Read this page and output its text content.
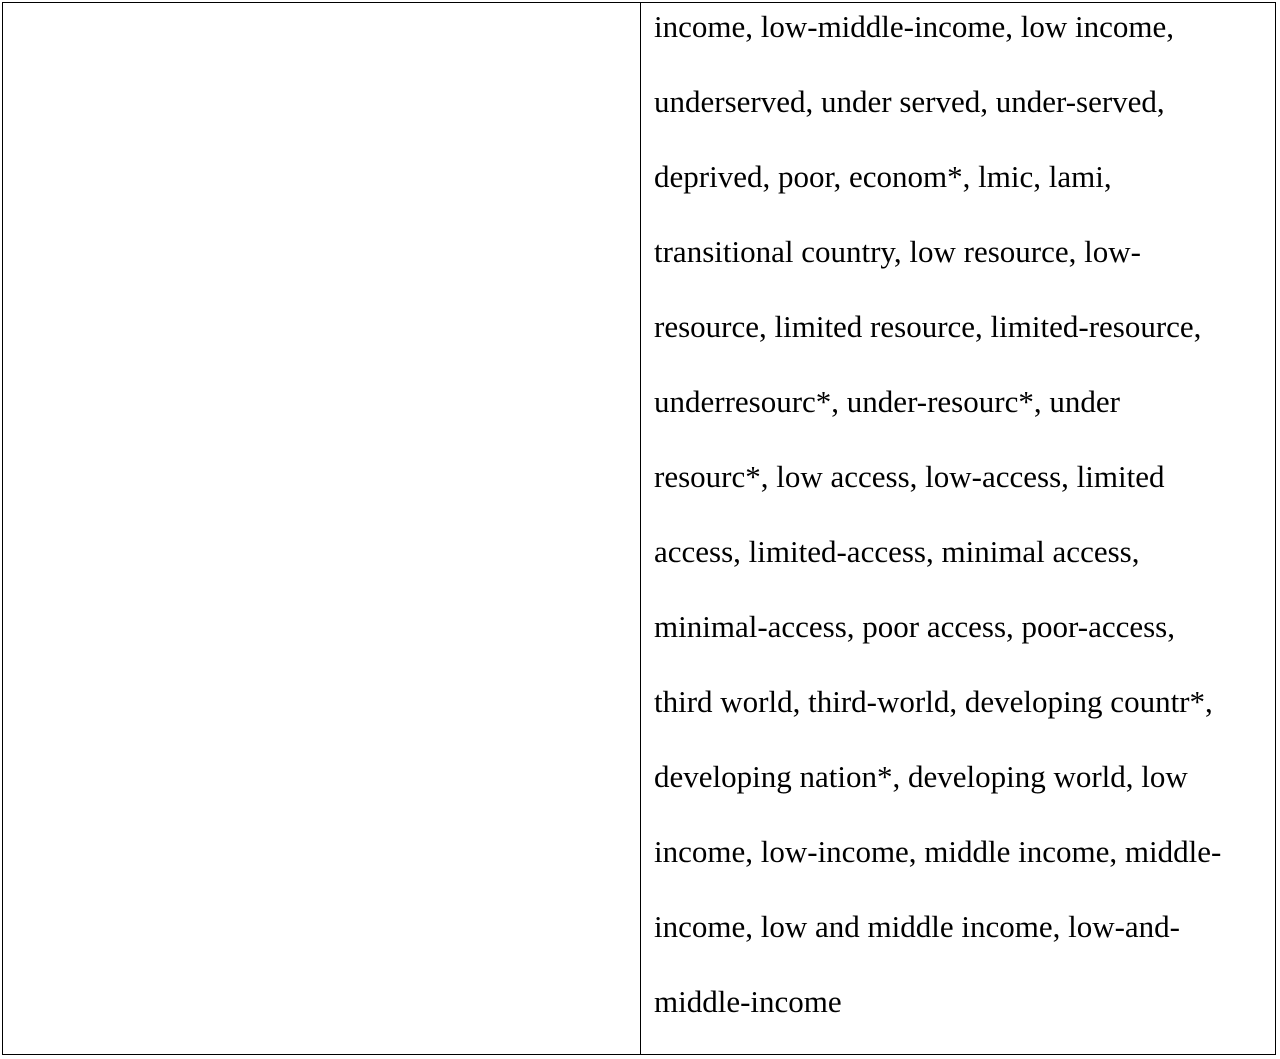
income, low-middle-income, low income,
underserved, under served, under-served,
deprived, poor, econom*, lmic, lami,
transitional country, low resource, low-
resource, limited resource, limited-resource,
underresourc*, under-resourc*, under
resourc*, low access, low-access, limited
access, limited-access, minimal access,
minimal-access, poor access, poor-access,
third world, third-world, developing countr*,
developing nation*, developing world, low
income, low-income, middle income, middle-
income, low and middle income, low-and-
middle-income
